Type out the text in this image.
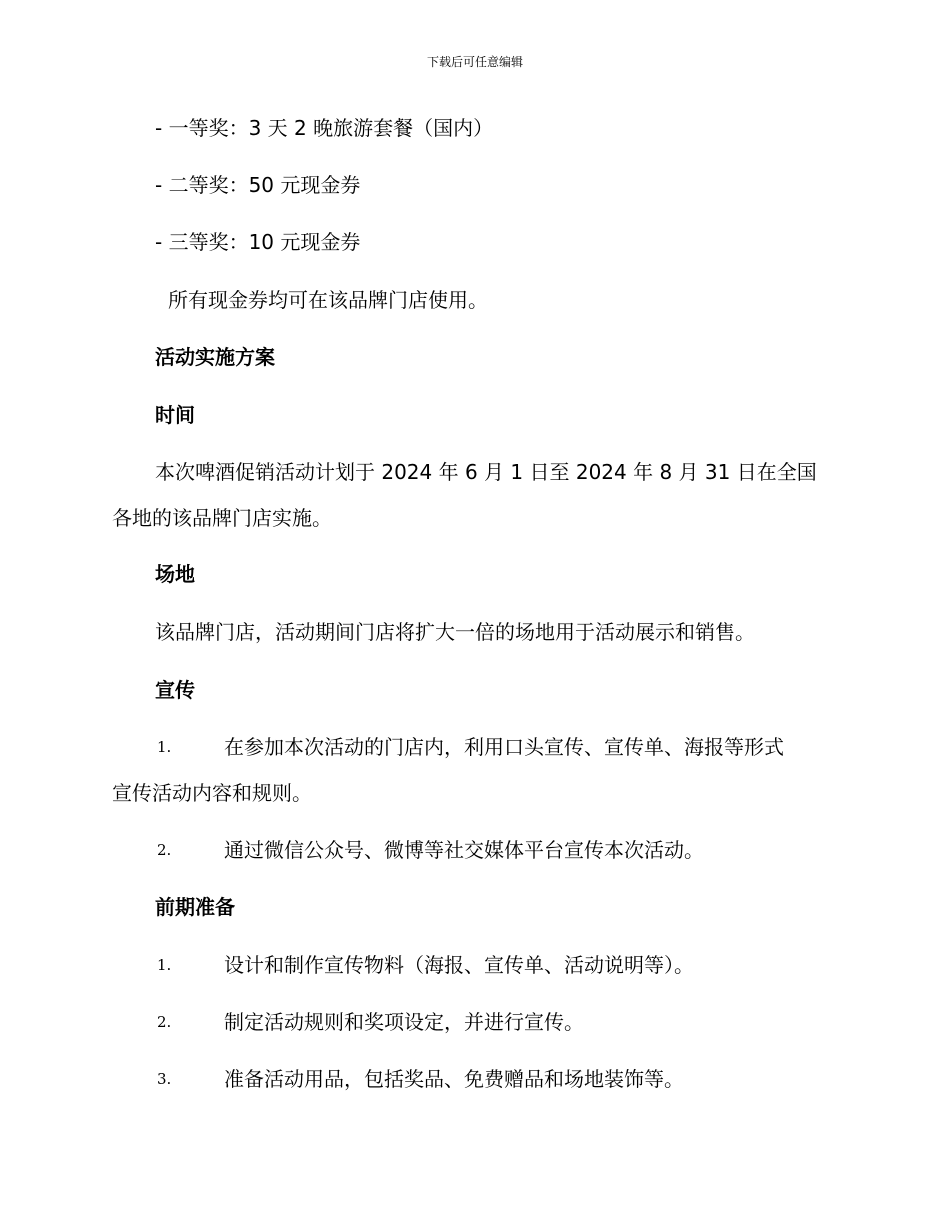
下载后可任意编辑
- 一等奖：3 天 2 晚旅游套餐（国内）
- 二等奖：50 元现金券
- 三等奖：10 元现金券
所有现金券均可在该品牌门店使用。
活动实施方案
时间
本次啤酒促销活动计划于 2024 年 6 月 1 日至 2024 年 8 月 31 日在全国
各地的该品牌门店实施。
场地
该品牌门店，活动期间门店将扩大一倍的场地用于活动展示和销售。
宣传
1.	在参加本次活动的门店内，利用口头宣传、宣传单、海报等形式
宣传活动内容和规则。
2.	通过微信公众号、微博等社交媒体平台宣传本次活动。
前期准备
1.	设计和制作宣传物料（海报、宣传单、活动说明等）。
2.	制定活动规则和奖项设定，并进行宣传。
3.	准备活动用品，包括奖品、免费赠品和场地装饰等。
